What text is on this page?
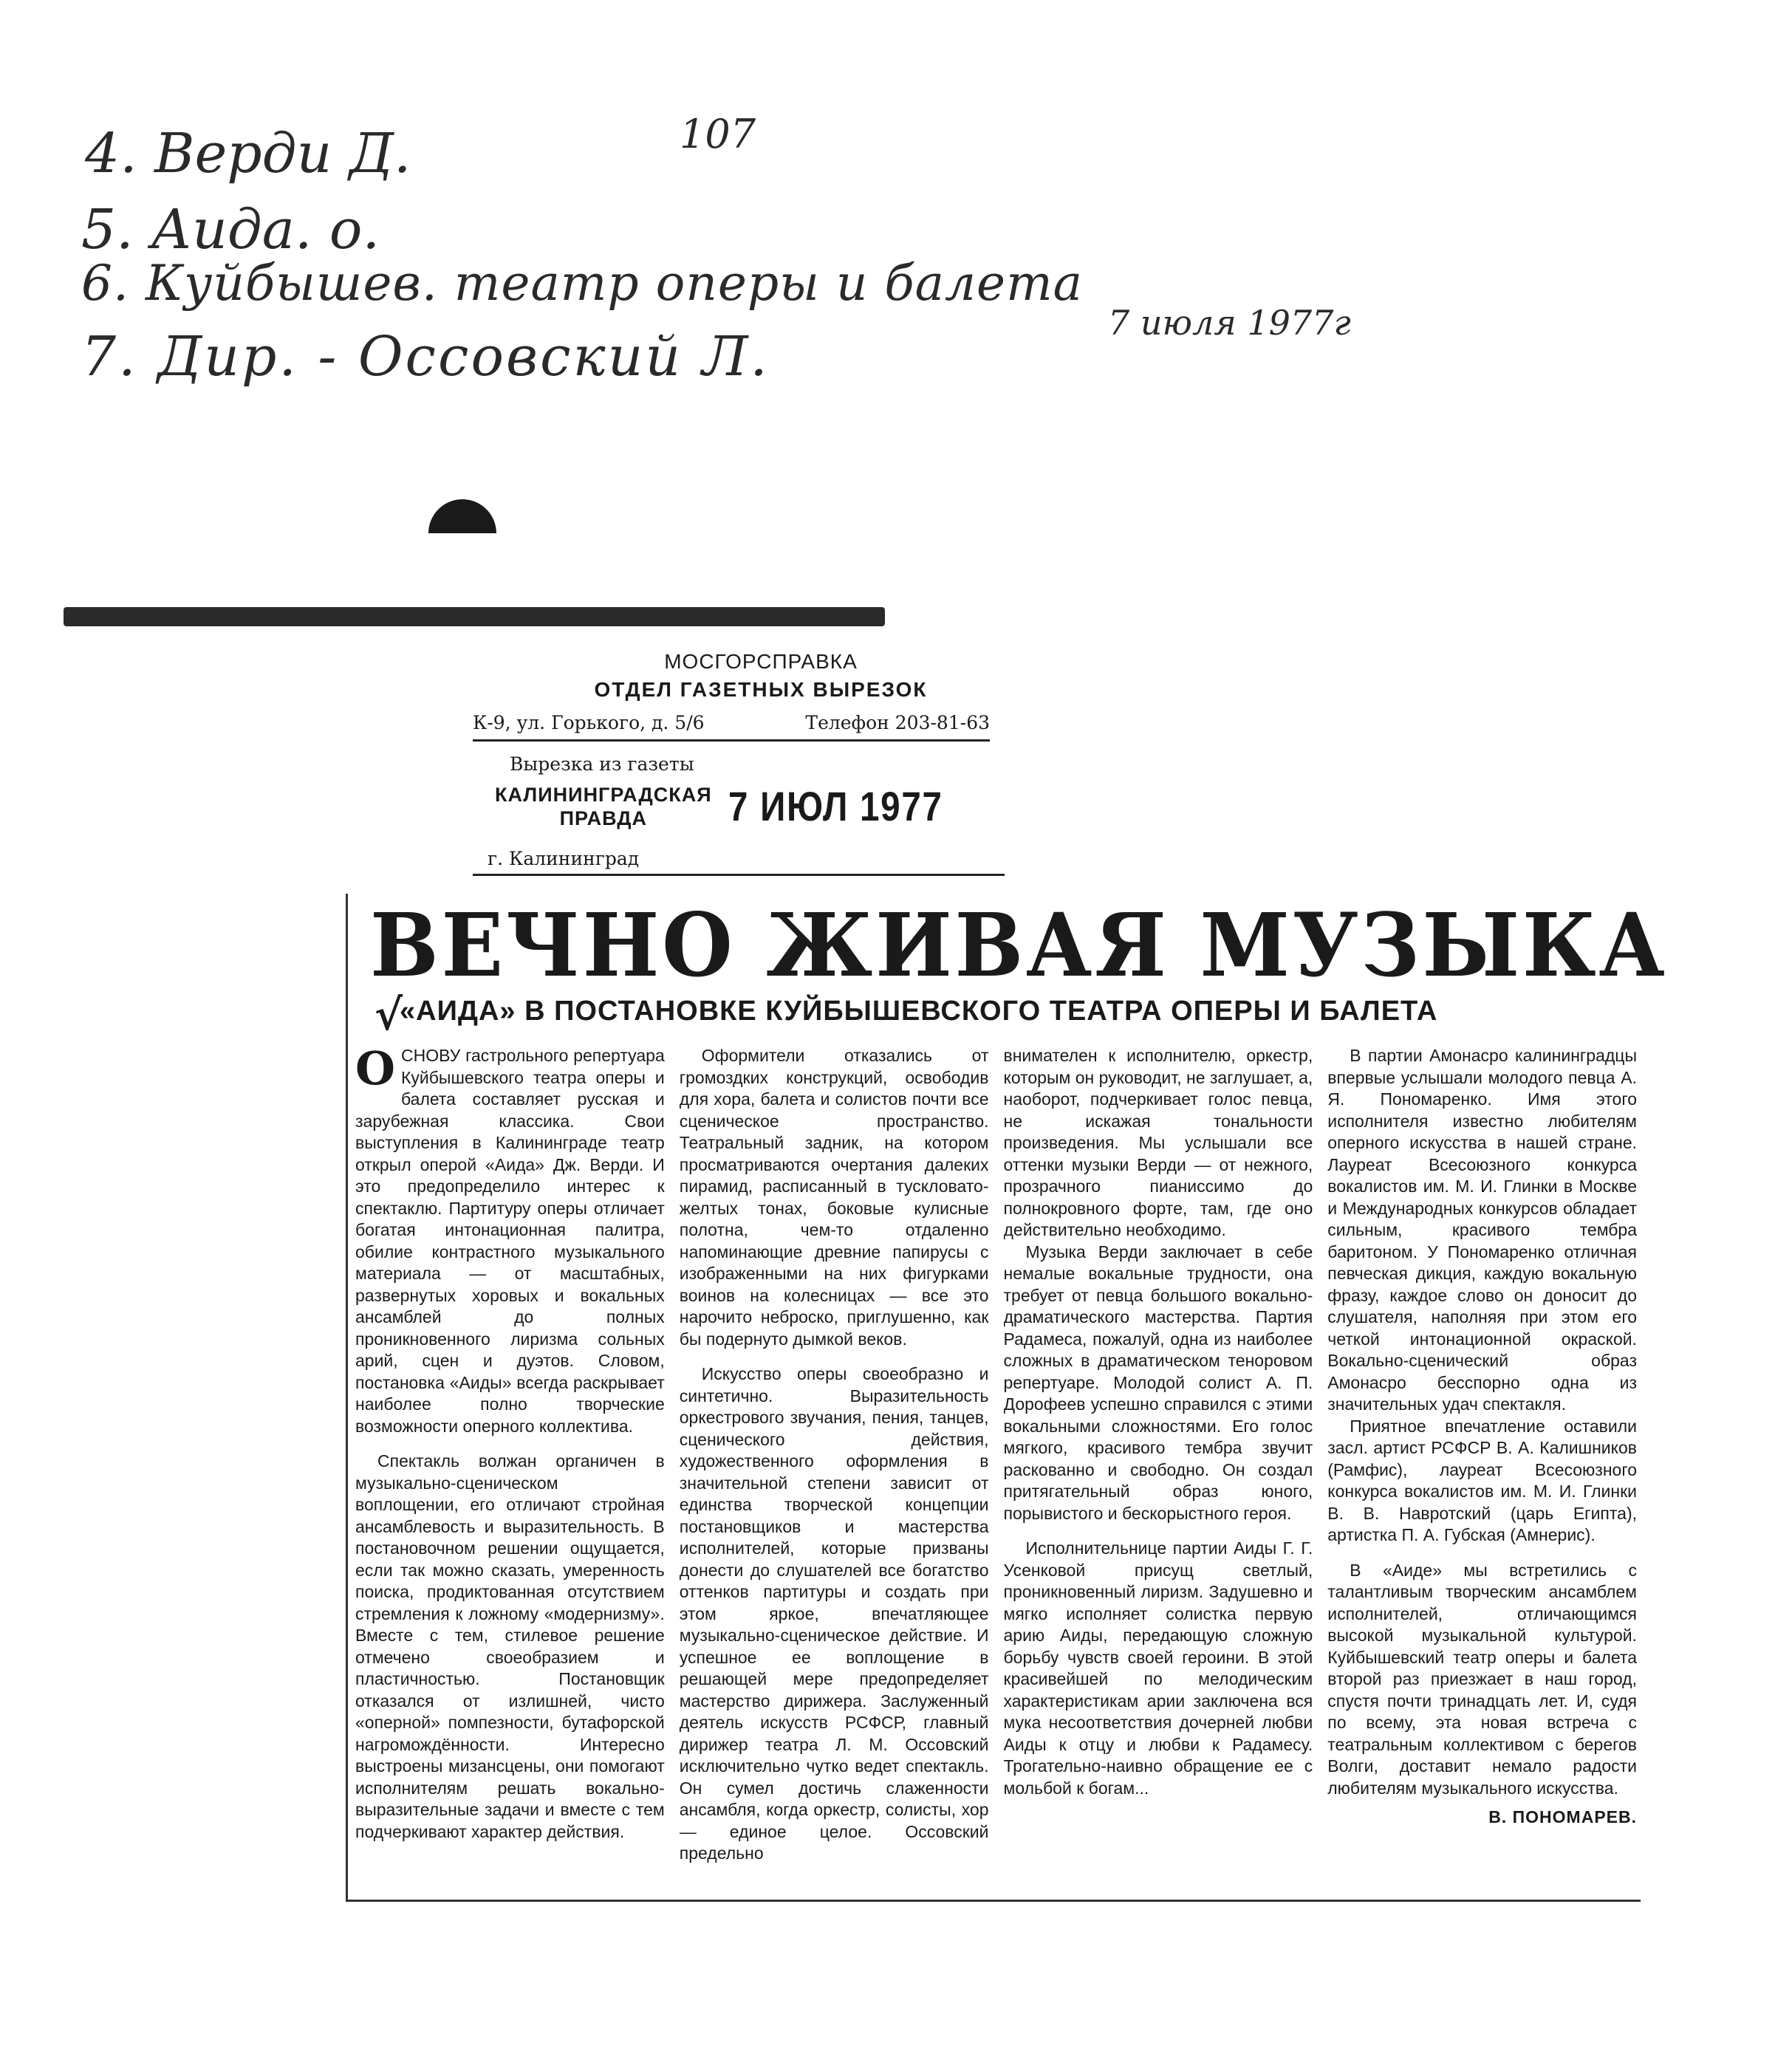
4. Верди Д.
5. Аида. о.
6. Куйбышев. театр оперы и балета
7. Дир. - Оссовский Л.
107
7 июля 1977г
МОСГОРСПРАВКА
ОТДЕЛ ГАЗЕТНЫХ ВЫРЕЗОК
К-9, ул. Горького, д. 5/6	Телефон 203-81-63
Вырезка из газеты
КАЛИНИНГРАДСКАЯ
ПРАВДА	7 ИЮЛ 1977
г. Калининград
ВЕЧНО ЖИВАЯ МУЗЫКА
√
«АИДА» В ПОСТАНОВКЕ КУЙБЫШЕВСКОГО ТЕАТРА ОПЕРЫ И БАЛЕТА

ОСНОВУ гастрольного репертуара Куйбышевского театра оперы и балета составляет русская и зарубежная классика. Свои выступления в Калининграде театр открыл оперой «Аида» Дж. Верди. И это предопределило интерес к спектаклю. Партитуру оперы отличает богатая интонационная палитра, обилие контрастного музыкального материала — от масштабных, развернутых хоровых и вокальных ансамблей до полных проникновенного лиризма сольных арий, сцен и дуэтов. Словом, постановка «Аиды» всегда раскрывает наиболее полно творческие возможности оперного коллектива.

Спектакль волжан органичен в музыкально-сценическом воплощении, его отличают стройная ансамблевость и выразительность. В постановочном решении ощущается, если так можно сказать, умеренность поиска, продиктованная отсутствием стремления к ложному «модернизму». Вместе с тем, стилевое решение отмечено своеобразием и пластичностью. Постановщик отказался от излишней, чисто «оперной» помпезности, бутафорской нагромождённости. Интересно выстроены мизансцены, они помогают исполнителям решать вокально-выразительные задачи и вместе с тем подчеркивают характер действия.

Оформители отказались от громоздких конструкций, освободив для хора, балета и солистов почти все сценическое пространство. Театральный задник, на котором просматриваются очертания далеких пирамид, расписанный в тускловато-желтых тонах, боковые кулисные полотна, чем-то отдаленно напоминающие древние папирусы с изображенными на них фигурками воинов на колесницах — все это нарочито неброско, приглушенно, как бы подернуто дымкой веков.

Искусство оперы своеобразно и синтетично. Выразительность оркестрового звучания, пения, танцев, сценического действия, художественного оформления в значительной степени зависит от единства творческой концепции постановщиков и мастерства исполнителей, которые призваны донести до слушателей все богатство оттенков партитуры и создать при этом яркое, впечатляющее музыкально-сценическое действие. И успешное ее воплощение в решающей мере предопределяет мастерство дирижера. Заслуженный деятель искусств РСФСР, главный дирижер театра Л. М. Оссовский исключительно чутко ведет спектакль. Он сумел достичь слаженности ансамбля, когда оркестр, солисты, хор — единое целое. Оссовский предельно

внимателен к исполнителю, оркестр, которым он руководит, не заглушает, а, наоборот, подчеркивает голос певца, не искажая тональности произведения. Мы услышали все оттенки музыки Верди — от нежного, прозрачного пианиссимо до полнокровного форте, там, где оно действительно необходимо.

Музыка Верди заключает в себе немалые вокальные трудности, она требует от певца большого вокально-драматического мастерства. Партия Радамеса, пожалуй, одна из наиболее сложных в драматическом теноровом репертуаре. Молодой солист А. П. Дорофеев успешно справился с этими вокальными сложностями. Его голос мягкого, красивого тембра звучит раскованно и свободно. Он создал притягательный образ юного, порывистого и бескорыстного героя.

Исполнительнице партии Аиды Г. Г. Усенковой присущ светлый, проникновенный лиризм. Задушевно и мягко исполняет солистка первую арию Аиды, передающую сложную борьбу чувств своей героини. В этой красивейшей по мелодическим характеристикам арии заключена вся мука несоответствия дочерней любви Аиды к отцу и любви к Радамесу. Трогательно-наивно обращение ее с мольбой к богам...

В партии Амонасро калининградцы впервые услышали молодого певца А. Я. Пономаренко. Имя этого исполнителя известно любителям оперного искусства в нашей стране. Лауреат Всесоюзного конкурса вокалистов им. М. И. Глинки в Москве и Международных конкурсов обладает сильным, красивого тембра баритоном. У Пономаренко отличная певческая дикция, каждую вокальную фразу, каждое слово он доносит до слушателя, наполняя при этом его четкой интонационной окраской. Вокально-сценический образ Амонасро бесспорно одна из значительных удач спектакля.

Приятное впечатление оставили засл. артист РСФСР В. А. Калишников (Рамфис), лауреат Всесоюзного конкурса вокалистов им. М. И. Глинки В. В. Навротский (царь Египта), артистка П. А. Губская (Амнерис).

В «Аиде» мы встретились с талантливым творческим ансамблем исполнителей, отличающимся высокой музыкальной культурой. Куйбышевский театр оперы и балета второй раз приезжает в наш город, спустя почти тринадцать лет. И, судя по всему, эта новая встреча с театральным коллективом с берегов Волги, доставит немало радости любителям музыкального искусства.

В. ПОНОМАРЕВ.
